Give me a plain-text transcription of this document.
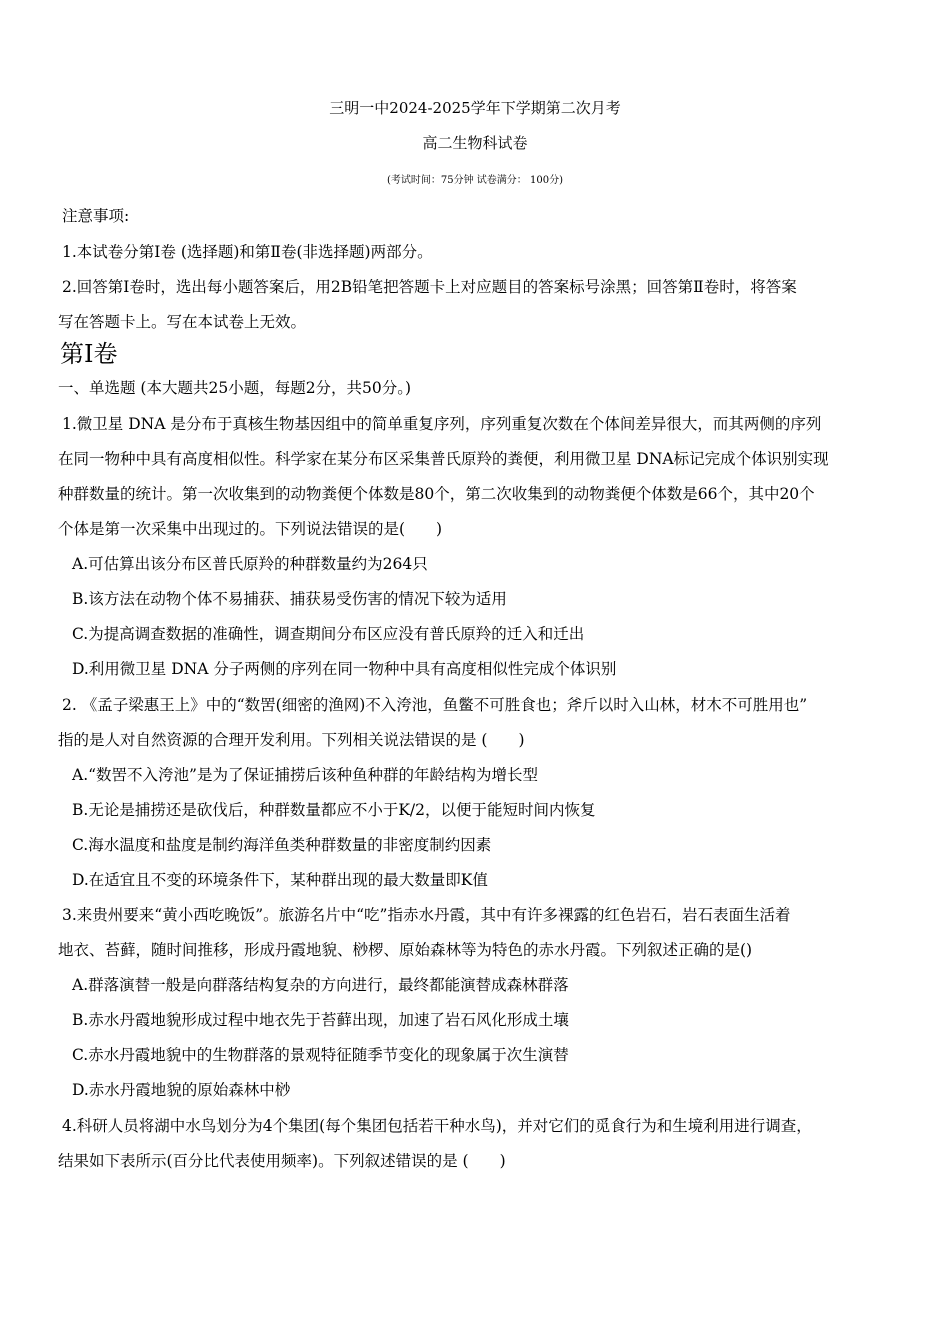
三明一中2024-2025学年下学期第二次月考
高二生物科试卷
(考试时间：75分钟 试卷满分： 100分)
注意事项:
1.本试卷分第Ⅰ卷 (选择题)和第Ⅱ卷(非选择题)两部分。
2.回答第Ⅰ卷时，选出每小题答案后，用2B铅笔把答题卡上对应题目的答案标号涂黑；回答第Ⅱ卷时，将答案
写在答题卡上。写在本试卷上无效。
第Ⅰ卷
一、单选题 (本大题共25小题，每题2分，共50分。)
1.微卫星 DNA 是分布于真核生物基因组中的简单重复序列，序列重复次数在个体间差异很大，而其两侧的序列
在同一物种中具有高度相似性。科学家在某分布区采集普氏原羚的粪便，利用微卫星 DNA标记完成个体识别实现
种群数量的统计。第一次收集到的动物粪便个体数是80个，第二次收集到的动物粪便个体数是66个，其中20个
个体是第一次采集中出现过的。下列说法错误的是(　　)
A.可估算出该分布区普氏原羚的种群数量约为264只
B.该方法在动物个体不易捕获、捕获易受伤害的情况下较为适用
C.为提高调查数据的准确性，调查期间分布区应没有普氏原羚的迁入和迁出
D.利用微卫星 DNA 分子两侧的序列在同一物种中具有高度相似性完成个体识别
2. 《孟子梁惠王上》中的“数罟(细密的渔网)不入洿池，鱼鳖不可胜食也；斧斤以时入山林，材木不可胜用也”
指的是人对自然资源的合理开发利用。下列相关说法错误的是 (　　)
A.“数罟不入洿池”是为了保证捕捞后该种鱼种群的年龄结构为增长型
B.无论是捕捞还是砍伐后，种群数量都应不小于K/2，以便于能短时间内恢复
C.海水温度和盐度是制约海洋鱼类种群数量的非密度制约因素
D.在适宜且不变的环境条件下，某种群出现的最大数量即K值
3.来贵州要来“黄小西吃晚饭”。旅游名片中“吃”指赤水丹霞，其中有许多裸露的红色岩石，岩石表面生活着
地衣、苔藓，随时间推移，形成丹霞地貌、桫椤、原始森林等为特色的赤水丹霞。下列叙述正确的是()
A.群落演替一般是向群落结构复杂的方向进行，最终都能演替成森林群落
B.赤水丹霞地貌形成过程中地衣先于苔藓出现，加速了岩石风化形成土壤
C.赤水丹霞地貌中的生物群落的景观特征随季节变化的现象属于次生演替
D.赤水丹霞地貌的原始森林中桫
4.科研人员将湖中水鸟划分为4个集团(每个集团包括若干种水鸟)，并对它们的觅食行为和生境利用进行调查，
结果如下表所示(百分比代表使用频率)。下列叙述错误的是 (　　)
